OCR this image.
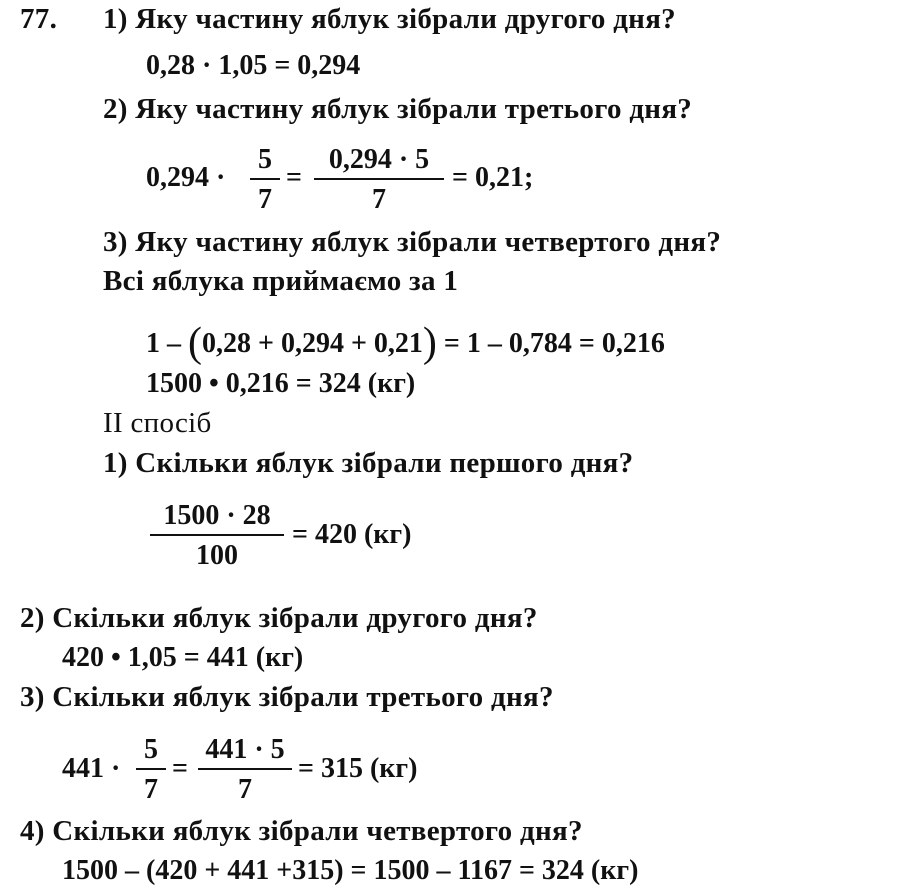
77. 1) Яку частину яблук зібрали другого дня?
0,28 · 1,05 = 0,294
2) Яку частину яблук зібрали третього дня?
$0,294 \cdot \frac{5}{7} = \frac{0,294 \cdot 5}{7} = 0,21$;
3) Яку частину яблук зібрали четвертого дня?
Всі яблука приймаємо за 1
1 – (0,28 + 0,294 + 0,21) = 1 – 0,784 = 0,216
1500 • 0,216 = 324 (кг)
II спосіб
1) Скільки яблук зібрали першого дня?
$\frac{1500 \cdot 28}{100} = 420$ (кг)
2) Скільки яблук зібрали другого дня?
420 • 1,05 = 441 (кг)
3) Скільки яблук зібрали третього дня?
$441 \cdot \frac{5}{7} = \frac{441 \cdot 5}{7} = 315$ (кг)
4) Скільки яблук зібрали четвертого дня?
1500 – (420 + 441 +315) = 1500 – 1167 = 324 (кг)
